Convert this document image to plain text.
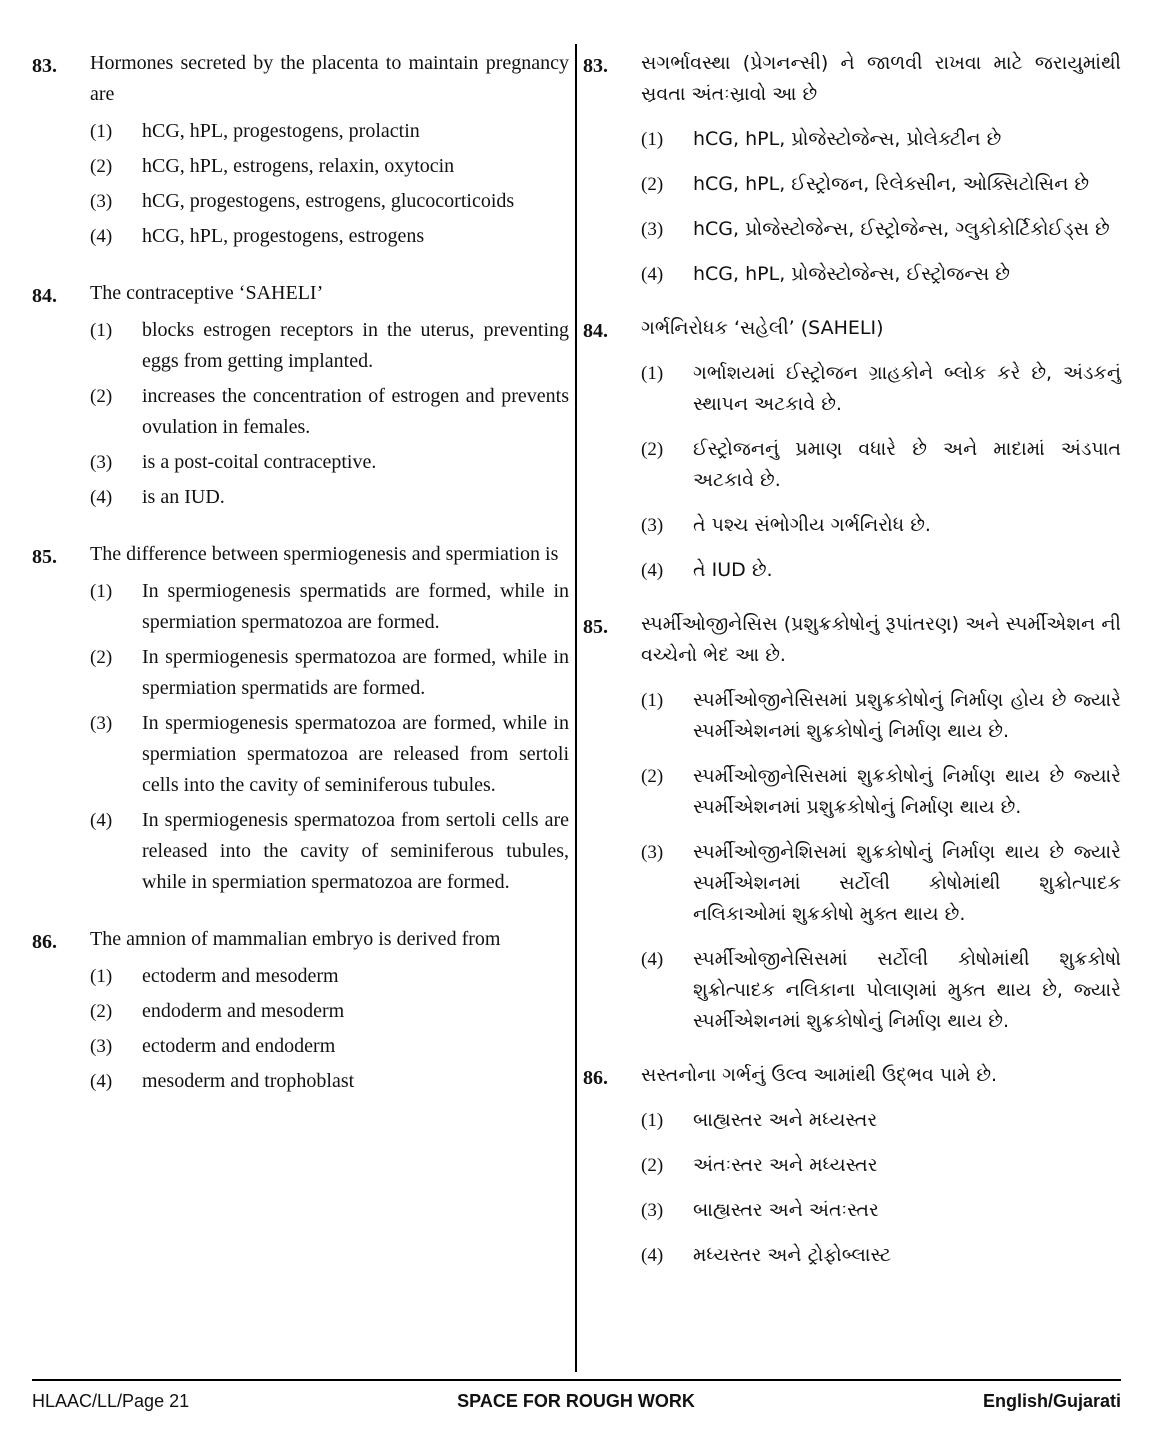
83. Hormones secreted by the placenta to maintain pregnancy are
(1) hCG, hPL, progestogens, prolactin
(2) hCG, hPL, estrogens, relaxin, oxytocin
(3) hCG, progestogens, estrogens, glucocorticoids
(4) hCG, hPL, progestogens, estrogens
84. The contraceptive ‘SAHELI’
(1) blocks estrogen receptors in the uterus, preventing eggs from getting implanted.
(2) increases the concentration of estrogen and prevents ovulation in females.
(3) is a post-coital contraceptive.
(4) is an IUD.
85. The difference between spermiogenesis and spermiation is
(1) In spermiogenesis spermatids are formed, while in spermiation spermatozoa are formed.
(2) In spermiogenesis spermatozoa are formed, while in spermiation spermatids are formed.
(3) In spermiogenesis spermatozoa are formed, while in spermiation spermatozoa are released from sertoli cells into the cavity of seminiferous tubules.
(4) In spermiogenesis spermatozoa from sertoli cells are released into the cavity of seminiferous tubules, while in spermiation spermatozoa are formed.
86. The amnion of mammalian embryo is derived from
(1) ectoderm and mesoderm
(2) endoderm and mesoderm
(3) ectoderm and endoderm
(4) mesoderm and trophoblast
83. સગર્ભાવસ્થા (પ્રેગનન્સી) ને જાળવી રાખવા માટે જરાયુમાંથી સ્રવતા અંતઃસ્રાવો આ છે
(1) hCG, hPL, પ્રોજેસ્ટોજેન્સ, પ્રોલેક્ટીન છે
(2) hCG, hPL, ઈસ્ટ્રોજન, રિલેક્સીન, ઓક્સિટોસિન છે
(3) hCG, પ્રોજેસ્ટોજેન્સ, ઈસ્ટ્રોજેન્સ, ગ્લુકોકોર્ટિકોઈડ્સ છે
(4) hCG, hPL, પ્રોજેસ્ટોજેન્સ, ઈસ્ટ્રોજન્સ છે
84. ગર્ભનિરોધક ‘સહેલી’ (SAHELI)
(1) ગર્ભાશયમાં ઈસ્ટ્રોજન ગ્રાહકોને બ્લોક કરે છે, અંડકનું સ્થાપન અટકાવે છે.
(2) ઈસ્ટ્રોજનનું પ્રમાણ વધારે છે અને માદામાં અંડપાત અટકાવે છે.
(3) તે પશ્ચ સંભોગીય ગર્ભનિરોધ છે.
(4) તે IUD છે.
85. સ્પર્મીઓજીનેસિસ (પ્રશુક્રકોષોનું રૂપાંતરણ) અને સ્પર્મીએશન ની વચ્ચેનો ભેદ આ છે.
(1) સ્પર્મીઓજીનેસિસમાં પ્રશુક્રકોષોનું નિર્માણ હોય છે જ્યારે સ્પર્મીએશનમાં શુક્રકોષોનું નિર્માણ થાય છે.
(2) સ્પર્મીઓજીનેસિસમાં શુક્રકોષોનું નિર્માણ થાય છે જ્યારે સ્પર્મીએશનમાં પ્રશુક્રકોષોનું નિર્માણ થાય છે.
(3) સ્પર્મીઓજીનેશિસમાં શુક્રકોષોનું નિર્માણ થાય છે જ્યારે સ્પર્મીએશનમાં સર્ટોલી કોષોમાંથી શુક્રોત્પાદક નલિકાઓમાં શુક્રકોષો મુક્ત થાય છે.
(4) સ્પર્મીઓજીનેસિસમાં સર્ટોલી કોષોમાંથી શુક્રકોષો શુક્રોત્પાદક નલિકાના પોલાણમાં મુક્ત થાય છે, જ્યારે સ્પર્મીએશનમાં શુક્રકોષોનું નિર્માણ થાય છે.
86. સસ્તનોના ગર્ભનું ઉલ્વ આમાંથી ઉદ્‌ભવ પામે છે.
(1) બાહ્યસ્તર અને મધ્યસ્તર
(2) અંતઃસ્તર અને મધ્યસ્તર
(3) બાહ્યસ્તર અને અંતઃસ્તર
(4) મધ્યસ્તર અને ટ્રોફોબ્લાસ્ટ
HLAAC/LL/Page 21	SPACE FOR ROUGH WORK	English/Gujarati
